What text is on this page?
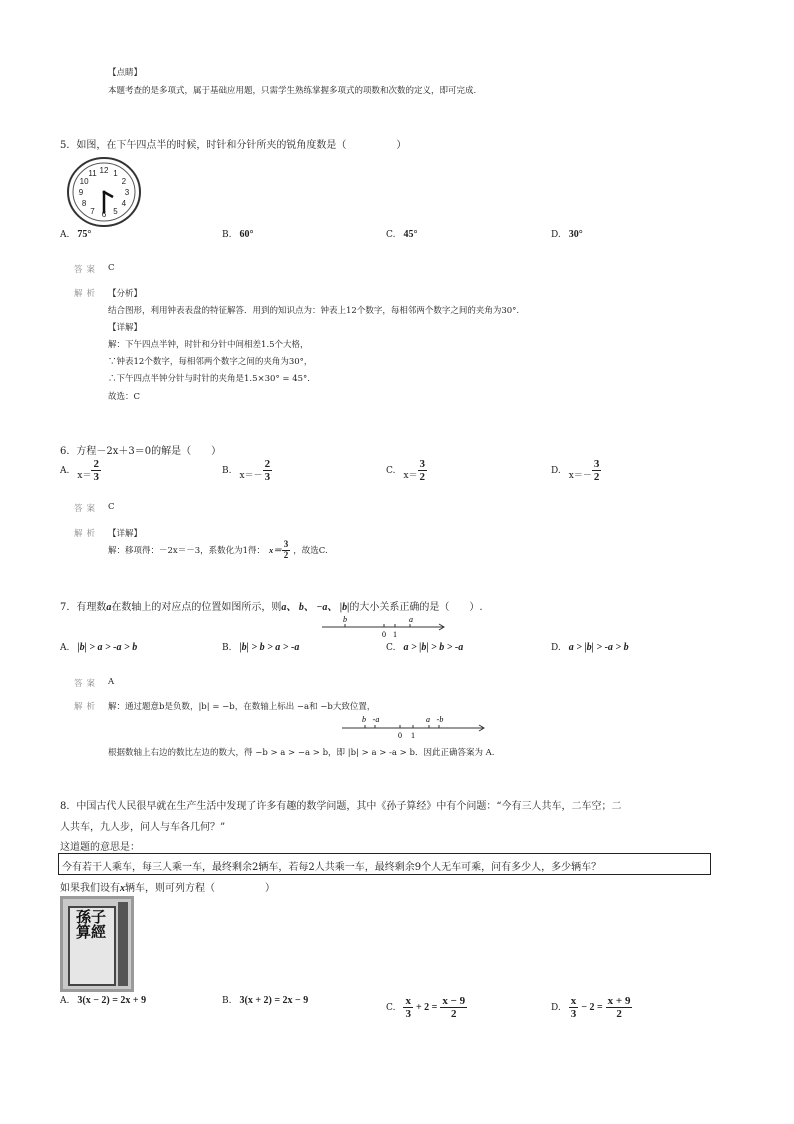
【点睛】
本题考查的是多项式，属于基础应用题，只需学生熟练掌握多项式的项数和次数的定义，即可完成.
5．如图，在下午四点半的时候，时针和分针所夹的锐角度数是（　　　　　）
12 1
2
3
4
5
6
7
8
9
10
11
A. 75°	B. 60°	C. 45°	D. 30°
答案 C
解析 【分析】
结合图形，利用钟表表盘的特征解答．用到的知识点为：钟表上12个数字，每相邻两个数字之间的夹角为30°.
【详解】
解：下午四点半钟，时针和分针中间相差1.5个大格，
∵钟表12个数字，每相邻两个数字之间的夹角为30°，
∴下午四点半钟分针与时针的夹角是1.5×30° = 45°.
故选：C
6．方程－2x＋3＝0的解是（　　）
A.
$x= \frac{2}{3}$	B.
$x=- \frac{2}{3}$	C.
$x= \frac{3}{2}$	D.
$x=- \frac{3}{2}$
答案 C
解析 【详解】
解：移项得：－2x＝－3，系数化为1得： $x= \frac{3}{2}$ ，故选C.
7．有理数a在数轴上的对应点的位置如图所示，则a、 b、 −a、 |b|的大小关系正确的是（　　）.
b	a
0 1
A. |b| > a > -a > b	B. |b| > b > a > -a	C. a > |b| > b > -a	D. a > |b| > -a > b
答案 A
解析 解：通过题意b是负数，|b| = −b，在数轴上标出 −a和 −b大致位置，
b -a	a -b
0 1
根据数轴上右边的数比左边的数大，得 −b > a > −a > b，即 |b| > a > -a > b．因此正确答案为 A.
8．中国古代人民很早就在生产生活中发现了许多有趣的数学问题，其中《孙子算经》中有个问题：“今有三人共车，二车空；二
人共车，九人步，问人与车各几何？”
这道题的意思是：
今有若干人乘车，每三人乘一车，最终剩余2辆车，若每2人共乘一车，最终剩余9个人无车可乘，问有多少人，多少辆车？
如果我们设有x辆车，则可列方程（　　　　　）
孫子算經
A. 3(x − 2) = 2x + 9	B. 3(x + 2) = 2x − 9
C. $\frac{x}{3} + 2 = \frac{x - 9}{2}$	D. $\frac{x}{3} - 2 = \frac{x + 9}{2}$
